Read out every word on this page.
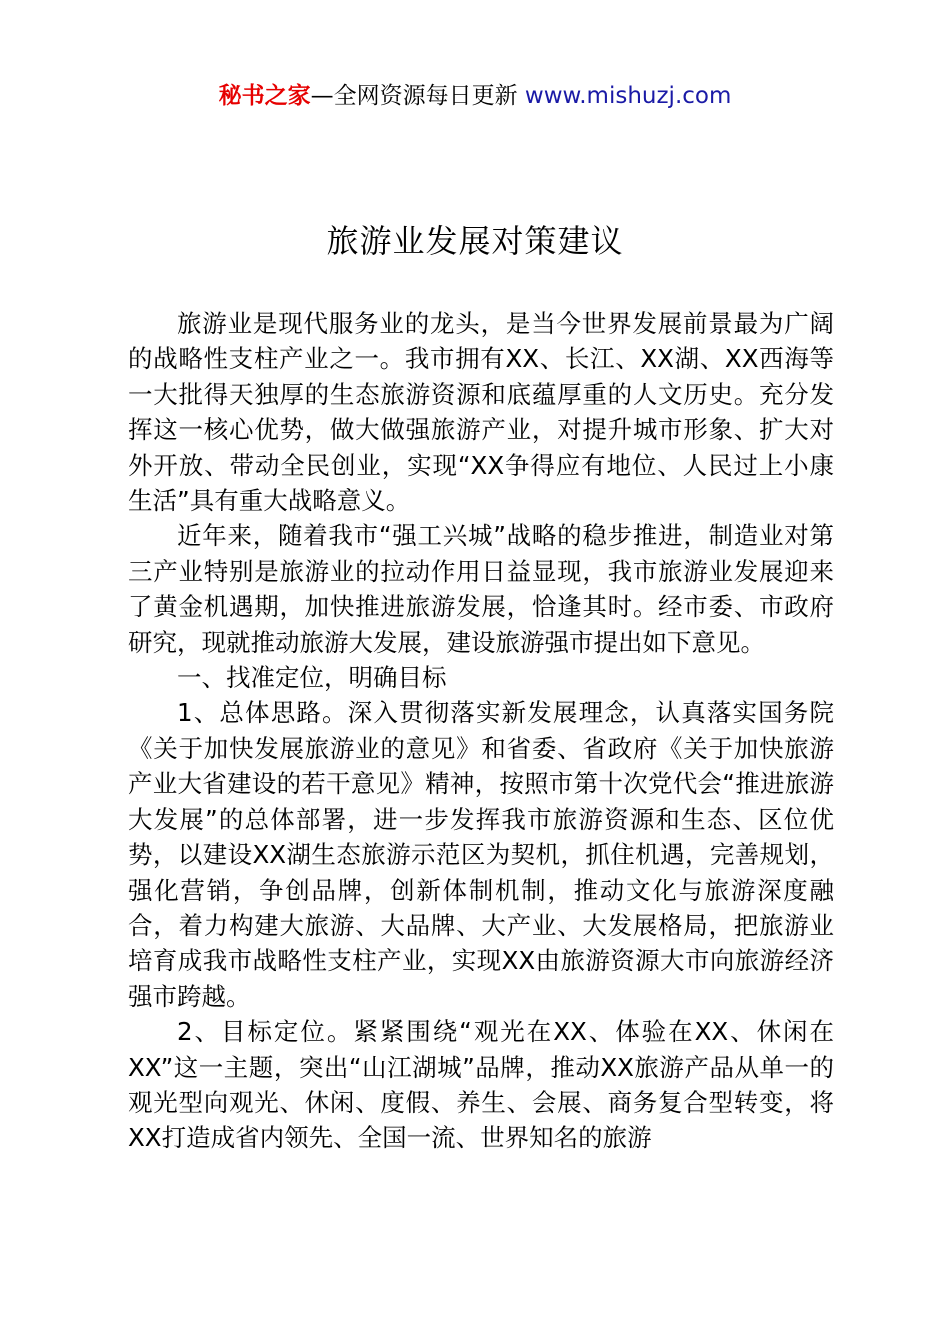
秘书之家—全网资源每日更新 www.mishuzj.com
旅游业发展对策建议

旅游业是现代服务业的龙头，是当今世界发展前景最为广阔的战略性支柱产业之一。我市拥有XX、长江、XX湖、XX西海等一大批得天独厚的生态旅游资源和底蕴厚重的人文历史。充分发挥这一核心优势，做大做强旅游产业，对提升城市形象、扩大对外开放、带动全民创业，实现“XX争得应有地位、人民过上小康生活”具有重大战略意义。

近年来，随着我市“强工兴城”战略的稳步推进，制造业对第三产业特别是旅游业的拉动作用日益显现，我市旅游业发展迎来了黄金机遇期，加快推进旅游发展，恰逢其时。经市委、市政府研究，现就推动旅游大发展，建设旅游强市提出如下意见。

一、找准定位，明确目标

1、总体思路。深入贯彻落实新发展理念，认真落实国务院《关于加快发展旅游业的意见》和省委、省政府《关于加快旅游产业大省建设的若干意见》精神，按照市第十次党代会“推进旅游大发展”的总体部署，进一步发挥我市旅游资源和生态、区位优势，以建设XX湖生态旅游示范区为契机，抓住机遇，完善规划，强化营销，争创品牌，创新体制机制，推动文化与旅游深度融合，着力构建大旅游、大品牌、大产业、大发展格局，把旅游业培育成我市战略性支柱产业，实现XX由旅游资源大市向旅游经济强市跨越。

2、目标定位。紧紧围绕“观光在XX、体验在XX、休闲在XX”这一主题，突出“山江湖城”品牌，推动XX旅游产品从单一的观光型向观光、休闲、度假、养生、会展、商务复合型转变，将XX打造成省内领先、全国一流、世界知名的旅游
